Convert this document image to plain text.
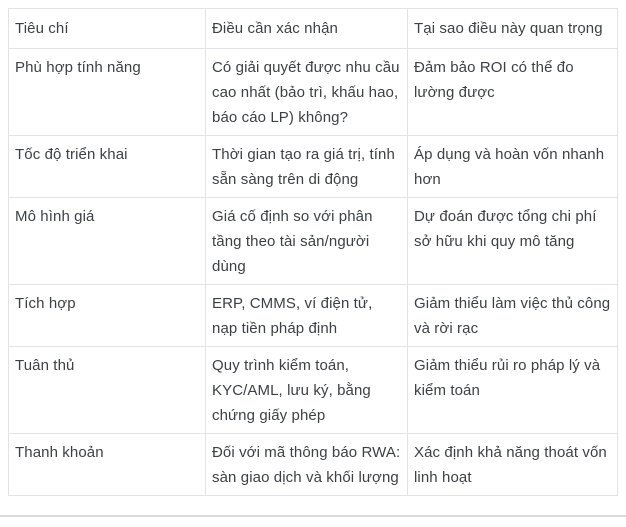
Tiêu chí	Điều cần xác nhận	Tại sao điều này quan trọng
Phù hợp tính năng	Có giải quyết được nhu cầu cao nhất (bảo trì, khấu hao, báo cáo LP) không?	Đảm bảo ROI có thể đo lường được
Tốc độ triển khai	Thời gian tạo ra giá trị, tính sẵn sàng trên di động	Áp dụng và hoàn vốn nhanh hơn
Mô hình giá	Giá cố định so với phân tầng theo tài sản/người dùng	Dự đoán được tổng chi phí sở hữu khi quy mô tăng
Tích hợp	ERP, CMMS, ví điện tử, nạp tiền pháp định	Giảm thiểu làm việc thủ công và rời rạc
Tuân thủ	Quy trình kiểm toán, KYC/AML, lưu ký, bằng chứng giấy phép	Giảm thiểu rủi ro pháp lý và kiểm toán
Thanh khoản	Đối với mã thông báo RWA: sàn giao dịch và khối lượng	Xác định khả năng thoát vốn linh hoạt
